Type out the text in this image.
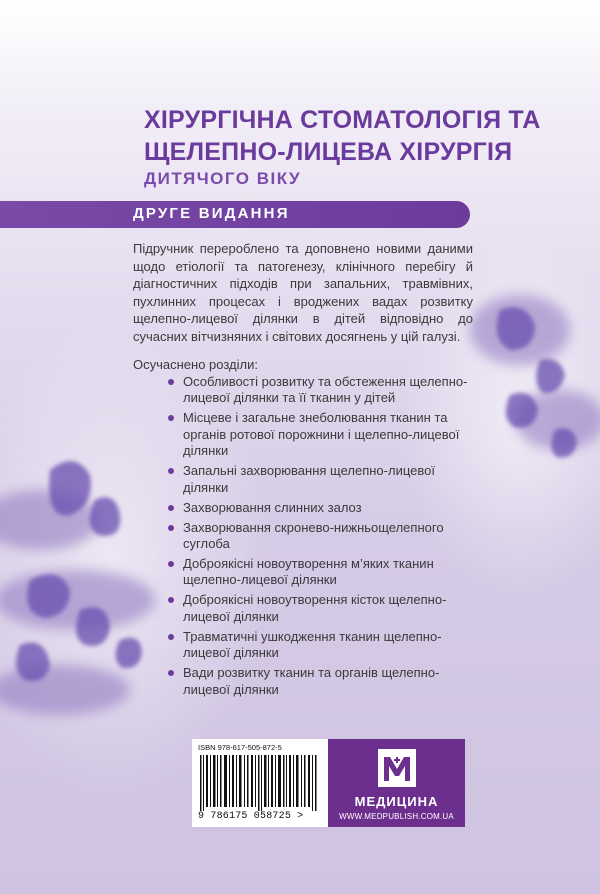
ХІРУРГІЧНА СТОМАТОЛОГІЯ ТА
ЩЕЛЕПНО-ЛИЦЕВА ХІРУРГІЯ
ДИТЯЧОГО ВІКУ
ДРУГЕ ВИДАННЯ
Підручник перероблено та доповнено новими даними щодо етіології та патогенезу, клінічного перебігу й діагностичних підходів при запальних, травмівних, пухлинних процесах і вроджених вадах розвитку щелепно-лицевої ділянки в дітей відповідно до сучасних вітчизняних і світових досягнень у цій галузі.
Осучаснено розділи:
Особливості розвитку та обстеження щелепно-лицевої ділянки та її тканин у дітей
Місцеве і загальне знеболювання тканин та органів ротової порожнини і щелепно-лицевої ділянки
Запальні захворювання щелепно-лицевої ділянки
Захворювання слинних залоз
Захворювання скронево-нижньощелепного суглоба
Доброякісні новоутворення м’яких тканин щелепно-лицевої ділянки
Доброякісні новоутворення кісток щелепно-лицевої ділянки
Травматичні ушкодження тканин щелепно-лицевої ділянки
Вади розвитку тканин та органів щелепно-лицевої ділянки
ISBN 978-617-505-872-5
9 786175 058725 >
МЕДИЦИНА
WWW.MEDPUBLISH.COM.UA
